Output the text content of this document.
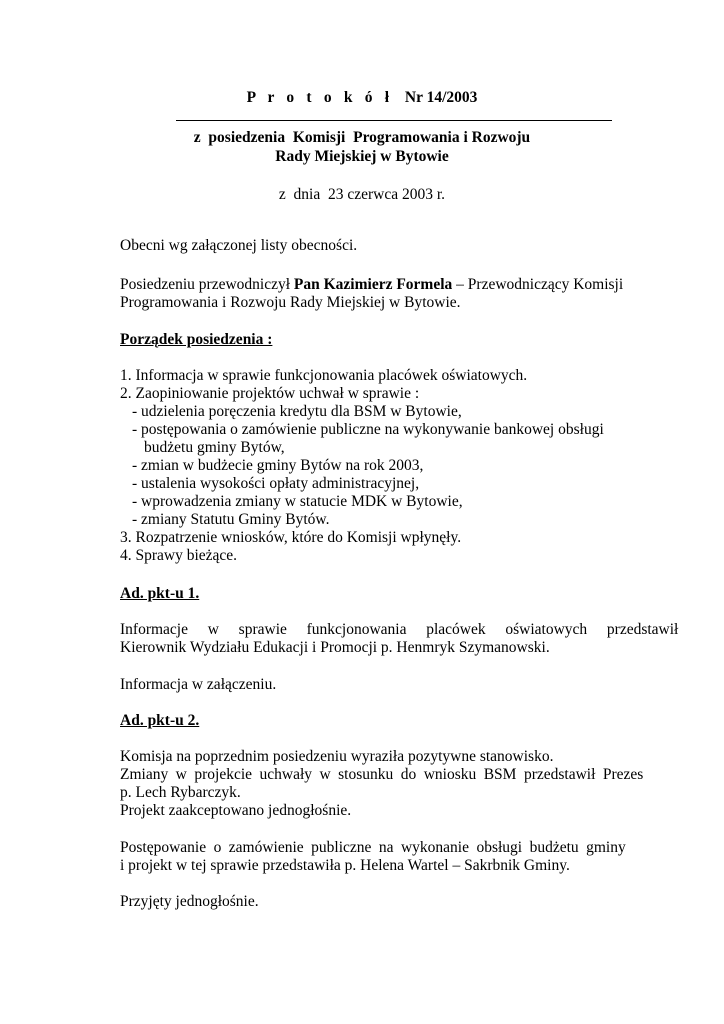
P r o t o k ó ł Nr 14/2003
z  posiedzenia  Komisji  Programowania i Rozwoju
Rady Miejskiej w Bytowie
z  dnia  23 czerwca 2003 r.
Obecni wg załączonej listy obecności.
Posiedzeniu przewodniczył Pan Kazimierz Formela – Przewodniczący Komisji
Programowania i Rozwoju Rady Miejskiej w Bytowie.
Porządek posiedzenia :
1. Informacja w sprawie funkcjonowania placówek oświatowych.
2. Zaopiniowanie projektów uchwał w sprawie :
- udzielenia poręczenia kredytu dla BSM w Bytowie,
- postępowania o zamówienie publiczne na wykonywanie bankowej obsługi
budżetu gminy Bytów,
- zmian w budżecie gminy Bytów na rok 2003,
- ustalenia wysokości opłaty administracyjnej,
- wprowadzenia zmiany w statucie MDK w Bytowie,
- zmiany Statutu Gminy Bytów.
3. Rozpatrzenie wniosków, które do Komisji wpłynęły.
4. Sprawy bieżące.
Ad. pkt-u 1.
Informacje  w  sprawie  funkcjonowania  placówek  oświatowych  przedstawił
Kierownik Wydziału Edukacji i Promocji p. Henmryk Szymanowski.
Informacja w załączeniu.
Ad. pkt-u 2.
Komisja na poprzednim posiedzeniu wyraziła pozytywne stanowisko.
Zmiany w projekcie uchwały w stosunku do wniosku BSM przedstawił Prezes
p. Lech Rybarczyk.
Projekt zaakceptowano jednogłośnie.
Postępowanie o zamówienie publiczne na wykonanie obsługi budżetu gminy
i projekt w tej sprawie przedstawiła p. Helena Wartel – Sakrbnik Gminy.
Przyjęty jednogłośnie.
